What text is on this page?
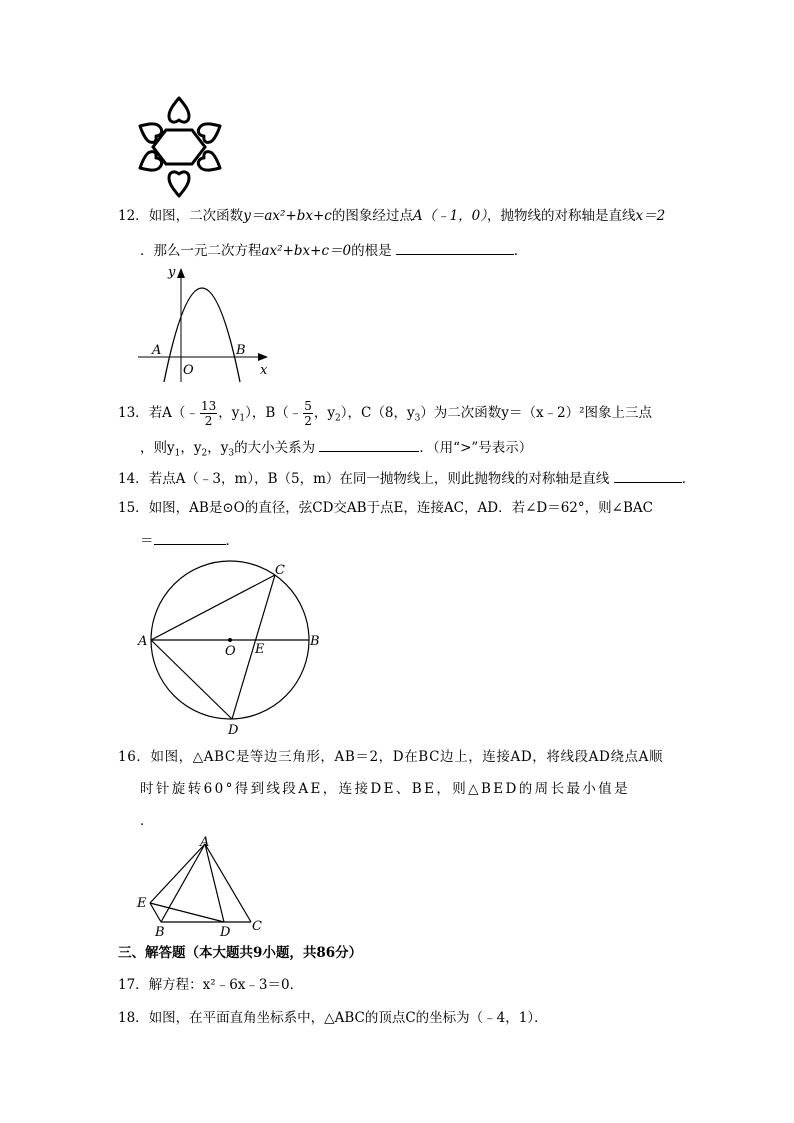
12．如图，二次函数y＝ax²+bx+c的图象经过点A（﹣1，0），抛物线的对称轴是直线x＝2
．那么一元二次方程ax²+bx+c＝0的根是	．
y
x
A	B
O
13．若A（﹣ $\frac{13}{2}$ ，$y_1$），B（﹣ $\frac{5}{2}$ ，$y_2$），C（8，$y_3$）为二次函数y＝（x﹣2）²图象上三点
，则$y_1$，$y_2$，$y_3$的大小关系为	．（用“>”号表示）
14．若点A（﹣3，m），B（5，m）在同一抛物线上，则此抛物线的对称轴是直线	．
15．如图，AB是⊙O的直径，弦CD交AB于点E，连接AC，AD．若∠D＝62°，则∠BAC
＝	．
A	B
C
D
E
O
16．如图，△ABC是等边三角形，AB＝2，D在BC边上，连接AD，将线段AD绕点A顺
时针旋转60°得到线段AE，连接DE、BE，则△BED的周长最小值是
．
A
B	C
D
E
三、解答题（本大题共9小题，共86分）
17．解方程：x²﹣6x﹣3＝0．
18．如图，在平面直角坐标系中，△ABC的顶点C的坐标为（﹣4，1）．
